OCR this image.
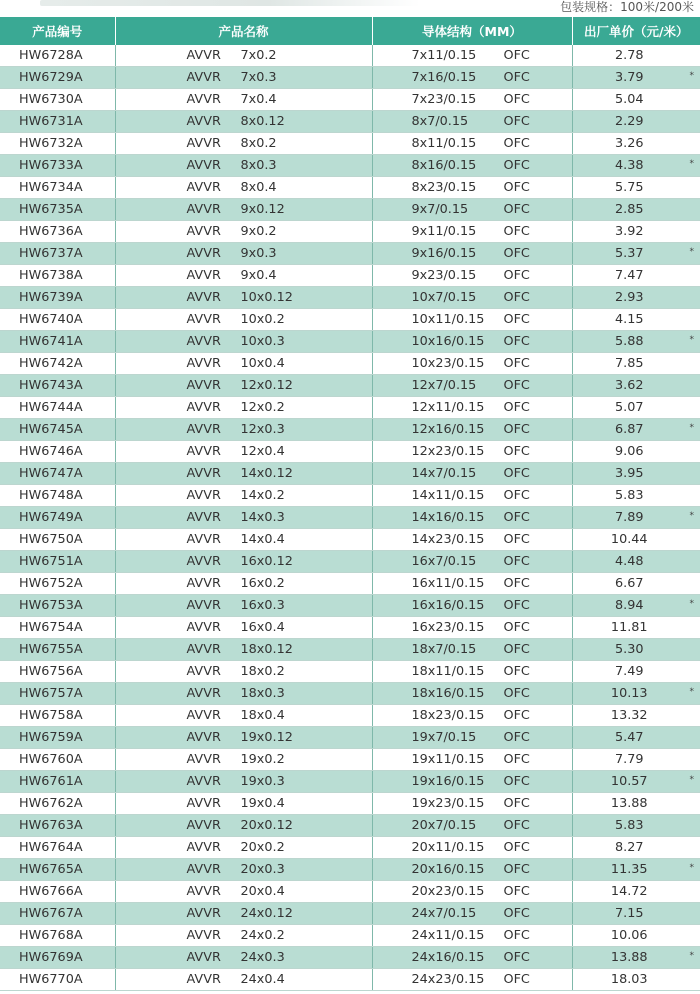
包装规格：100米/200米
产品编号	产品名称	导体结构（MM）	出厂单价（元/米）
HW6728A	AVVR 7x0.2	7x11/0.15 OFC	2.78

HW6729A	AVVR 7x0.3	7x16/0.15 OFC	3.79 *

HW6730A	AVVR 7x0.4	7x23/0.15 OFC	5.04

HW6731A	AVVR 8x0.12	8x7/0.15 OFC	2.29

HW6732A	AVVR 8x0.2	8x11/0.15 OFC	3.26

HW6733A	AVVR 8x0.3	8x16/0.15 OFC	4.38 *

HW6734A	AVVR 8x0.4	8x23/0.15 OFC	5.75

HW6735A	AVVR 9x0.12	9x7/0.15 OFC	2.85

HW6736A	AVVR 9x0.2	9x11/0.15 OFC	3.92

HW6737A	AVVR 9x0.3	9x16/0.15 OFC	5.37 *

HW6738A	AVVR 9x0.4	9x23/0.15 OFC	7.47

HW6739A	AVVR 10x0.12	10x7/0.15 OFC	2.93

HW6740A	AVVR 10x0.2	10x11/0.15 OFC	4.15

HW6741A	AVVR 10x0.3	10x16/0.15 OFC	5.88 *

HW6742A	AVVR 10x0.4	10x23/0.15 OFC	7.85

HW6743A	AVVR 12x0.12	12x7/0.15 OFC	3.62

HW6744A	AVVR 12x0.2	12x11/0.15 OFC	5.07

HW6745A	AVVR 12x0.3	12x16/0.15 OFC	6.87 *

HW6746A	AVVR 12x0.4	12x23/0.15 OFC	9.06

HW6747A	AVVR 14x0.12	14x7/0.15 OFC	3.95

HW6748A	AVVR 14x0.2	14x11/0.15 OFC	5.83

HW6749A	AVVR 14x0.3	14x16/0.15 OFC	7.89 *

HW6750A	AVVR 14x0.4	14x23/0.15 OFC	10.44

HW6751A	AVVR 16x0.12	16x7/0.15 OFC	4.48

HW6752A	AVVR 16x0.2	16x11/0.15 OFC	6.67

HW6753A	AVVR 16x0.3	16x16/0.15 OFC	8.94 *

HW6754A	AVVR 16x0.4	16x23/0.15 OFC	11.81

HW6755A	AVVR 18x0.12	18x7/0.15 OFC	5.30

HW6756A	AVVR 18x0.2	18x11/0.15 OFC	7.49

HW6757A	AVVR 18x0.3	18x16/0.15 OFC	10.13 *

HW6758A	AVVR 18x0.4	18x23/0.15 OFC	13.32

HW6759A	AVVR 19x0.12	19x7/0.15 OFC	5.47

HW6760A	AVVR 19x0.2	19x11/0.15 OFC	7.79

HW6761A	AVVR 19x0.3	19x16/0.15 OFC	10.57 *

HW6762A	AVVR 19x0.4	19x23/0.15 OFC	13.88

HW6763A	AVVR 20x0.12	20x7/0.15 OFC	5.83

HW6764A	AVVR 20x0.2	20x11/0.15 OFC	8.27

HW6765A	AVVR 20x0.3	20x16/0.15 OFC	11.35 *

HW6766A	AVVR 20x0.4	20x23/0.15 OFC	14.72

HW6767A	AVVR 24x0.12	24x7/0.15 OFC	7.15

HW6768A	AVVR 24x0.2	24x11/0.15 OFC	10.06

HW6769A	AVVR 24x0.3	24x16/0.15 OFC	13.88 *

HW6770A	AVVR 24x0.4	24x23/0.15 OFC	18.03
